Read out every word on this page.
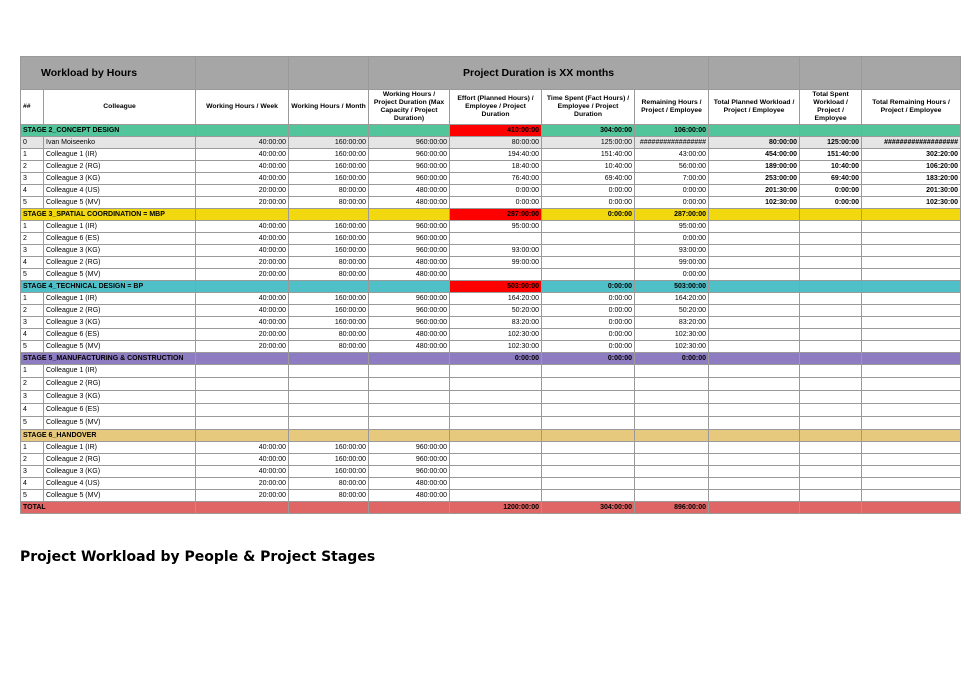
Workload by Hours				Project Duration is XX months						
##	Colleague	Working Hours / Week	Working Hours / Month	Working Hours / Project Duration (Max Capacity / Project Duration)	Effort (Planned Hours) / Employee / Project Duration	Time Spent (Fact Hours) / Employee / Project Duration	Remaining Hours / Project / Employee	Total Planned Workload / Project / Employee	Total Spent Workload / Project / Employee	Total Remaining Hours / Project / Employee
STAGE 2_CONCEPT DESIGN					410:00:00	304:00:00	106:00:00			
0	Ivan Moiseenko	40:00:00	160:00:00	960:00:00	80:00:00	125:00:00	#################	80:00:00	125:00:00	###################
1	Colleague 1 (IR)	40:00:00	160:00:00	960:00:00	194:40:00	151:40:00	43:00:00	454:00:00	151:40:00	302:20:00
2	Colleague 2 (RG)	40:00:00	160:00:00	960:00:00	18:40:00	10:40:00	56:00:00	189:00:00	10:40:00	106:20:00
3	Colleague 3 (KG)	40:00:00	160:00:00	960:00:00	76:40:00	69:40:00	7:00:00	253:00:00	69:40:00	183:20:00
4	Colleague 4 (US)	20:00:00	80:00:00	480:00:00	0:00:00	0:00:00	0:00:00	201:30:00	0:00:00	201:30:00
5	Colleague 5 (MV)	20:00:00	80:00:00	480:00:00	0:00:00	0:00:00	0:00:00	102:30:00	0:00:00	102:30:00
STAGE 3_SPATIAL COORDINATION = MBP					287:00:00	0:00:00	287:00:00			
1	Colleague 1 (IR)	40:00:00	160:00:00	960:00:00	95:00:00		95:00:00			
2	Colleague 6 (ES)	40:00:00	160:00:00	960:00:00			0:00:00			
3	Colleague 3 (KG)	40:00:00	160:00:00	960:00:00	93:00:00		93:00:00			
4	Colleague 2 (RG)	20:00:00	80:00:00	480:00:00	99:00:00		99:00:00			
5	Colleague 5 (MV)	20:00:00	80:00:00	480:00:00			0:00:00			
STAGE 4_TECHNICAL DESIGN = BP					503:00:00	0:00:00	503:00:00			
1	Colleague 1 (IR)	40:00:00	160:00:00	960:00:00	164:20:00	0:00:00	164:20:00			
2	Colleague 2 (RG)	40:00:00	160:00:00	960:00:00	50:20:00	0:00:00	50:20:00			
3	Colleague 3 (KG)	40:00:00	160:00:00	960:00:00	83:20:00	0:00:00	83:20:00			
4	Colleague 6 (ES)	20:00:00	80:00:00	480:00:00	102:30:00	0:00:00	102:30:00			
5	Colleague 5 (MV)	20:00:00	80:00:00	480:00:00	102:30:00	0:00:00	102:30:00			
STAGE 5_MANUFACTURING & CONSTRUCTION					0:00:00	0:00:00	0:00:00			
1	Colleague 1 (IR)									
2	Colleague 2 (RG)									
3	Colleague 3 (KG)									
4	Colleague 6 (ES)									
5	Colleague 5 (MV)									
STAGE 6_HANDOVER										
1	Colleague 1 (IR)	40:00:00	160:00:00	960:00:00						
2	Colleague 2 (RG)	40:00:00	160:00:00	960:00:00						
3	Colleague 3 (KG)	40:00:00	160:00:00	960:00:00						
4	Colleague 4 (US)	20:00:00	80:00:00	480:00:00						
5	Colleague 5 (MV)	20:00:00	80:00:00	480:00:00						
TOTAL					1200:00:00	304:00:00	896:00:00			
Project Workload by People & Project Stages
